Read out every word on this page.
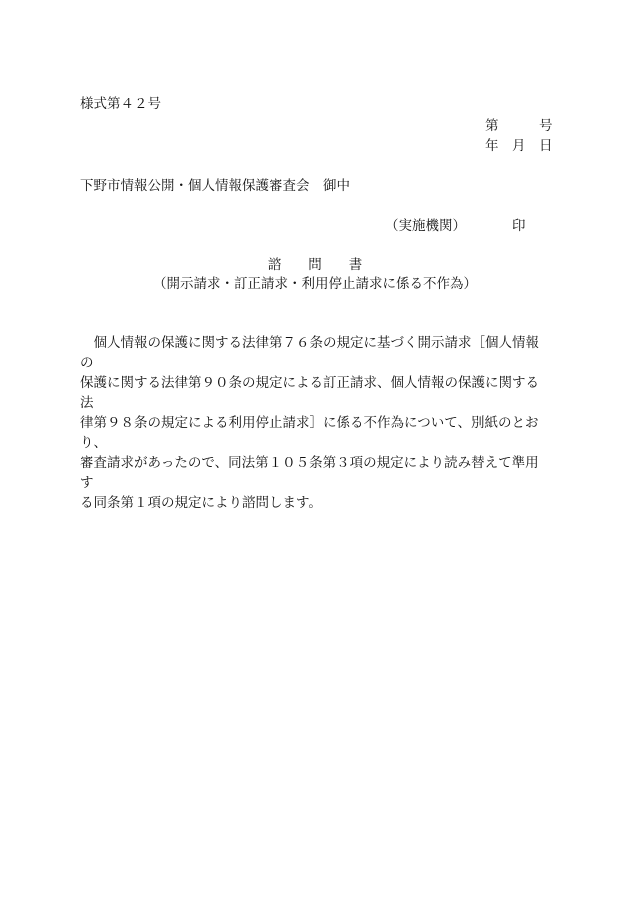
様式第４２号
第　　　号
年　月　日
下野市情報公開・個人情報保護審査会　御中
（実施機関）	印
諮　　問　　書
（開示請求・訂正請求・利用停止請求に係る不作為）
　個人情報の保護に関する法律第７６条の規定に基づく開示請求［個人情報の
保護に関する法律第９０条の規定による訂正請求、個人情報の保護に関する法
律第９８条の規定による利用停止請求］に係る不作為について、別紙のとおり、
審査請求があったので、同法第１０５条第３項の規定により読み替えて準用す
る同条第１項の規定により諮問します。
